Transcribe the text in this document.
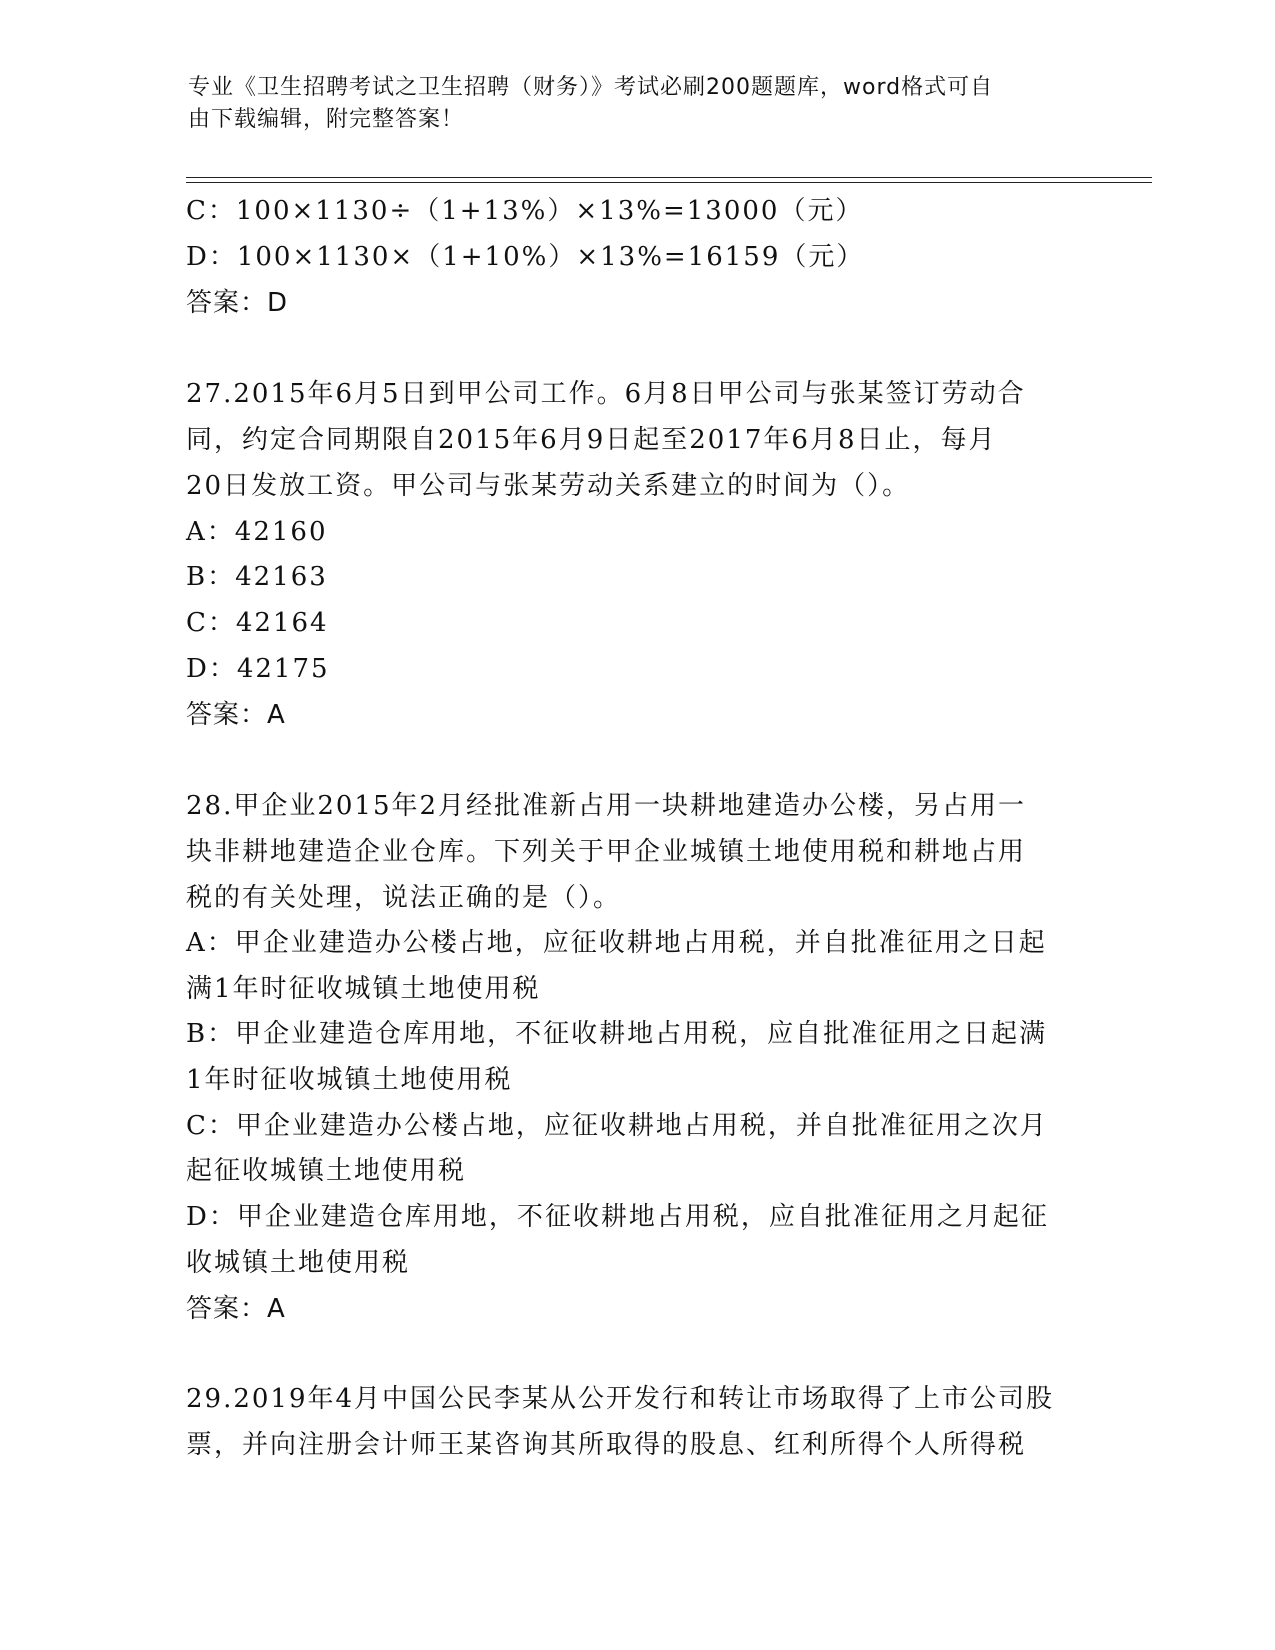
专业《卫生招聘考试之卫生招聘（财务）》考试必刷200题题库，word格式可自
由下载编辑，附完整答案！
C：100×1130÷（1+13%）×13%=13000（元）
D：100×1130×（1+10%）×13%=16159（元）
答案：D
27.2015年6月5日到甲公司工作。6月8日甲公司与张某签订劳动合
同，约定合同期限自2015年6月9日起至2017年6月8日止，每月
20日发放工资。甲公司与张某劳动关系建立的时间为（）。
A：42160
B：42163
C：42164
D：42175
答案：A
28.甲企业2015年2月经批准新占用一块耕地建造办公楼，另占用一
块非耕地建造企业仓库。下列关于甲企业城镇土地使用税和耕地占用
税的有关处理，说法正确的是（）。
A：甲企业建造办公楼占地，应征收耕地占用税，并自批准征用之日起
满1年时征收城镇土地使用税
B：甲企业建造仓库用地，不征收耕地占用税，应自批准征用之日起满
1年时征收城镇土地使用税
C：甲企业建造办公楼占地，应征收耕地占用税，并自批准征用之次月
起征收城镇土地使用税
D：甲企业建造仓库用地，不征收耕地占用税，应自批准征用之月起征
收城镇土地使用税
答案：A
29.2019年4月中国公民李某从公开发行和转让市场取得了上市公司股
票，并向注册会计师王某咨询其所取得的股息、红利所得个人所得税
